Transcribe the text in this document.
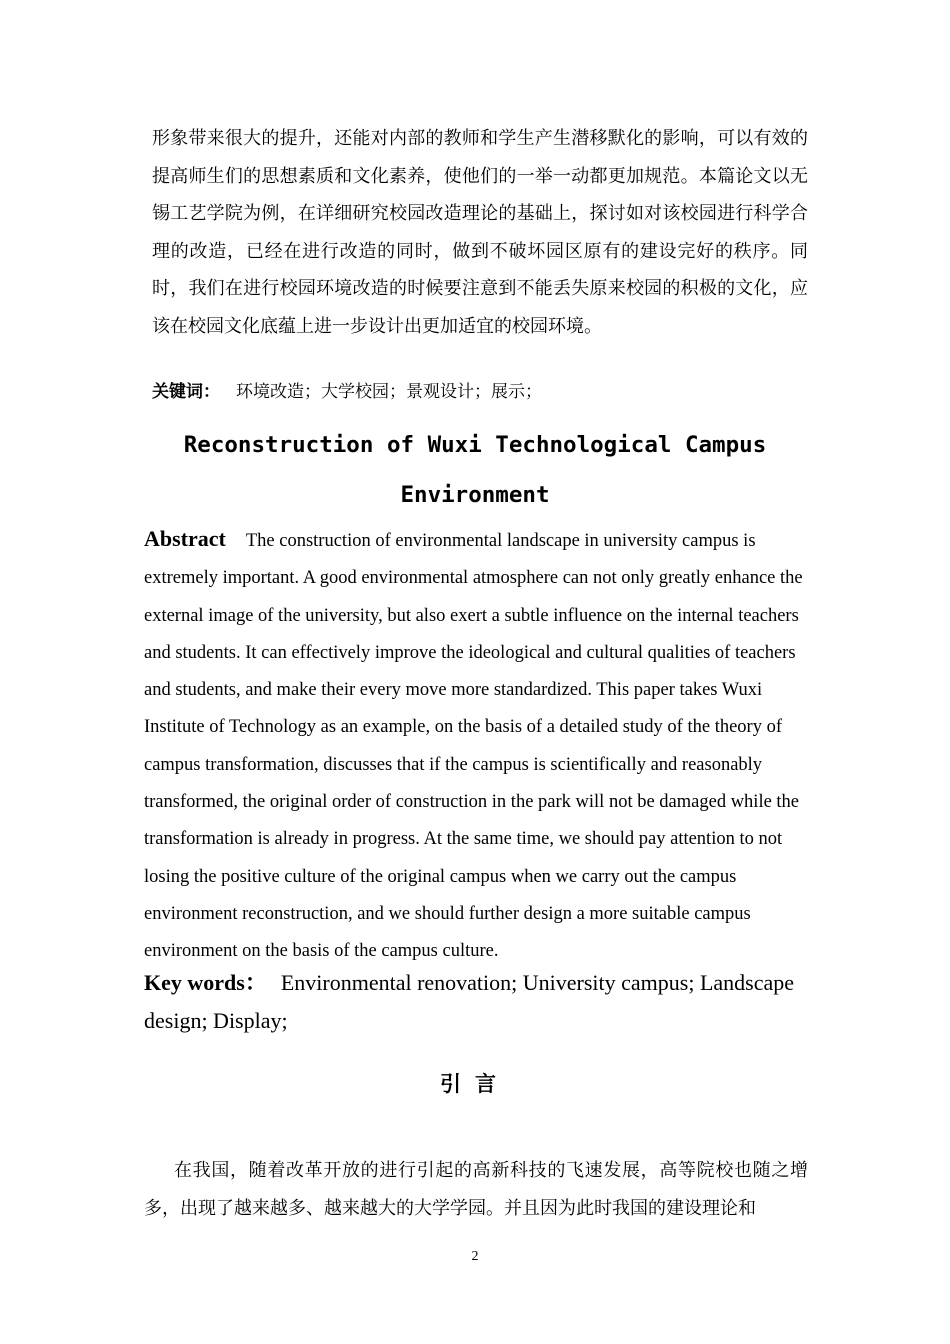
形象带来很大的提升，还能对内部的教师和学生产生潜移默化的影响，可以有效的提高师生们的思想素质和文化素养，使他们的一举一动都更加规范。本篇论文以无锡工艺学院为例，在详细研究校园改造理论的基础上，探讨如对该校园进行科学合理的改造，已经在进行改造的同时，做到不破坏园区原有的建设完好的秩序。同时，我们在进行校园环境改造的时候要注意到不能丢失原来校园的积极的文化，应该在校园文化底蕴上进一步设计出更加适宜的校园环境。

关键词： 环境改造；大学校园；景观设计；展示；

Reconstruction of Wuxi Technological Campus Environment

Abstract The construction of environmental landscape in university campus is extremely important. A good environmental atmosphere can not only greatly enhance the external image of the university, but also exert a subtle influence on the internal teachers and students. It can effectively improve the ideological and cultural qualities of teachers and students, and make their every move more standardized. This paper takes Wuxi Institute of Technology as an example, on the basis of a detailed study of the theory of campus transformation, discusses that if the campus is scientifically and reasonably transformed, the original order of construction in the park will not be damaged while the transformation is already in progress. At the same time, we should pay attention to not losing the positive culture of the original campus when we carry out the campus environment reconstruction, and we should further design a more suitable campus environment on the basis of the campus culture.

Key words： Environmental renovation; University campus; Landscape design; Display;

引言

在我国，随着改革开放的进行引起的高新科技的飞速发展，高等院校也随之增多，出现了越来越多、越来越大的大学学园。并且因为此时我国的建设理论和

2
